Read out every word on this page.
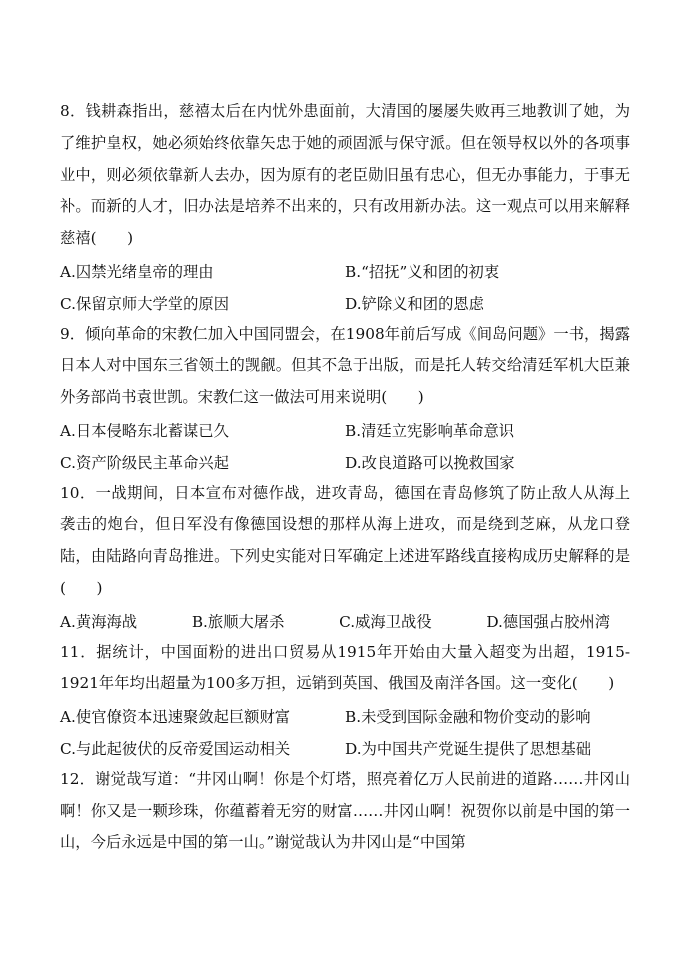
8．钱耕森指出，慈禧太后在内忧外患面前，大清国的屡屡失败再三地教训了她，为了维护皇权，她必须始终依靠矢忠于她的顽固派与保守派。但在领导权以外的各项事业中，则必须依靠新人去办，因为原有的老臣勋旧虽有忠心，但无办事能力，于事无补。而新的人才，旧办法是培养不出来的，只有改用新办法。这一观点可以用来解释慈禧(　　)

A.囚禁光绪皇帝的理由	B.“招抚”义和团的初衷
C.保留京师大学堂的原因	D.铲除义和团的恩虑

9．倾向革命的宋教仁加入中国同盟会，在1908年前后写成《间岛问题》一书，揭露日本人对中国东三省领土的觊觎。但其不急于出版，而是托人转交给清廷军机大臣兼外务部尚书袁世凯。宋教仁这一做法可用来说明(　　)

A.日本侵略东北蓄谋已久	B.清廷立宪影响革命意识
C.资产阶级民主革命兴起	D.改良道路可以挽救国家

10．一战期间，日本宣布对德作战，进攻青岛，德国在青岛修筑了防止敌人从海上袭击的炮台，但日军没有像德国设想的那样从海上进攻，而是绕到芝麻，从龙口登陆，由陆路向青岛推进。下列史实能对日军确定上述进军路线直接构成历史解释的是(　　)

A.黄海海战	B.旅顺大屠杀	C.威海卫战役	D.德国强占胶州湾

11．据统计，中国面粉的进出口贸易从1915年开始由大量入超变为出超，1915-1921年年均出超量为100多万担，远销到英国、俄国及南洋各国。这一变化(　　)

A.使官僚资本迅速聚敛起巨额财富	B.未受到国际金融和物价变动的影响
C.与此起彼伏的反帝爱国运动相关	D.为中国共产党诞生提供了思想基础

12．谢觉哉写道：“井冈山啊！你是个灯塔，照亮着亿万人民前进的道路……井冈山啊！你又是一颗珍珠，你蕴蓄着无穷的财富……井冈山啊！祝贺你以前是中国的第一山，今后永远是中国的第一山。”谢觉哉认为井冈山是“中国第
